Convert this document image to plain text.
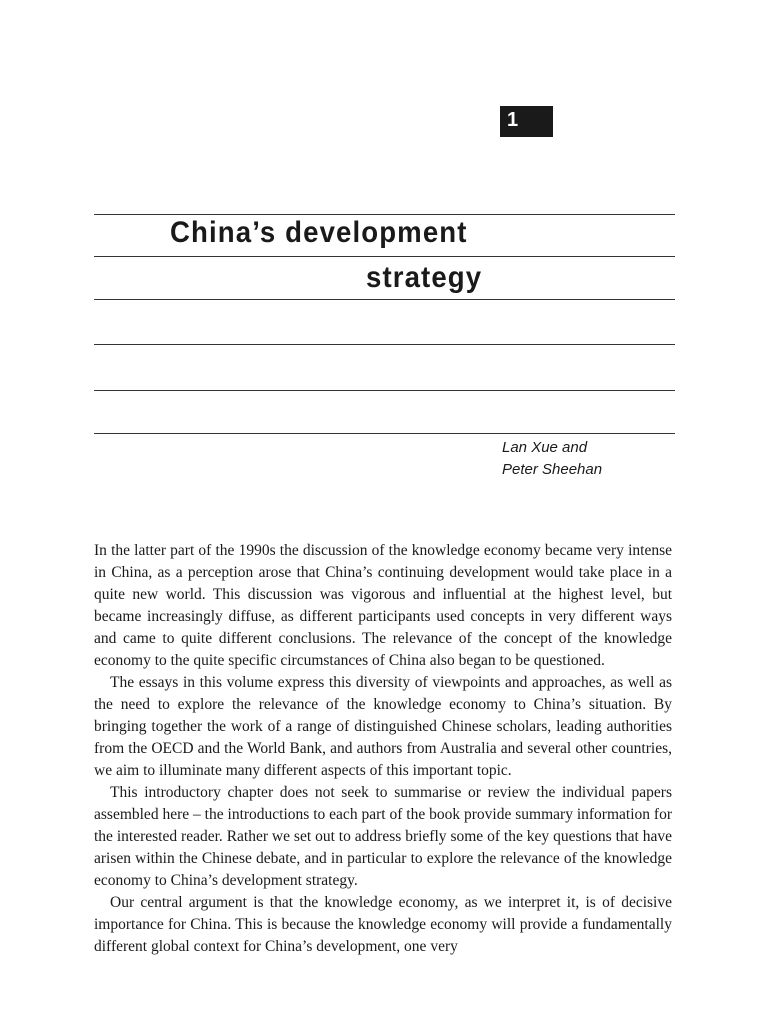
1
China’s development
strategy
Lan Xue and
Peter Sheehan

In the latter part of the 1990s the discussion of the knowledge economy became very intense in China, as a perception arose that China’s continuing development would take place in a quite new world. This discussion was vigorous and influential at the highest level, but became increasingly diffuse, as different participants used concepts in very different ways and came to quite different conclusions. The relevance of the concept of the knowledge economy to the quite specific circumstances of China also began to be questioned.

The essays in this volume express this diversity of viewpoints and approaches, as well as the need to explore the relevance of the knowledge economy to China’s situation. By bringing together the work of a range of distinguished Chinese scholars, leading authorities from the OECD and the World Bank, and authors from Australia and several other countries, we aim to illuminate many different aspects of this important topic.

This introductory chapter does not seek to summarise or review the individual papers assembled here – the introductions to each part of the book provide summary information for the interested reader. Rather we set out to address briefly some of the key questions that have arisen within the Chinese debate, and in particular to explore the relevance of the knowledge economy to China’s development strategy.

Our central argument is that the knowledge economy, as we interpret it, is of decisive importance for China. This is because the knowledge economy will provide a fundamentally different global context for China’s development, one very
